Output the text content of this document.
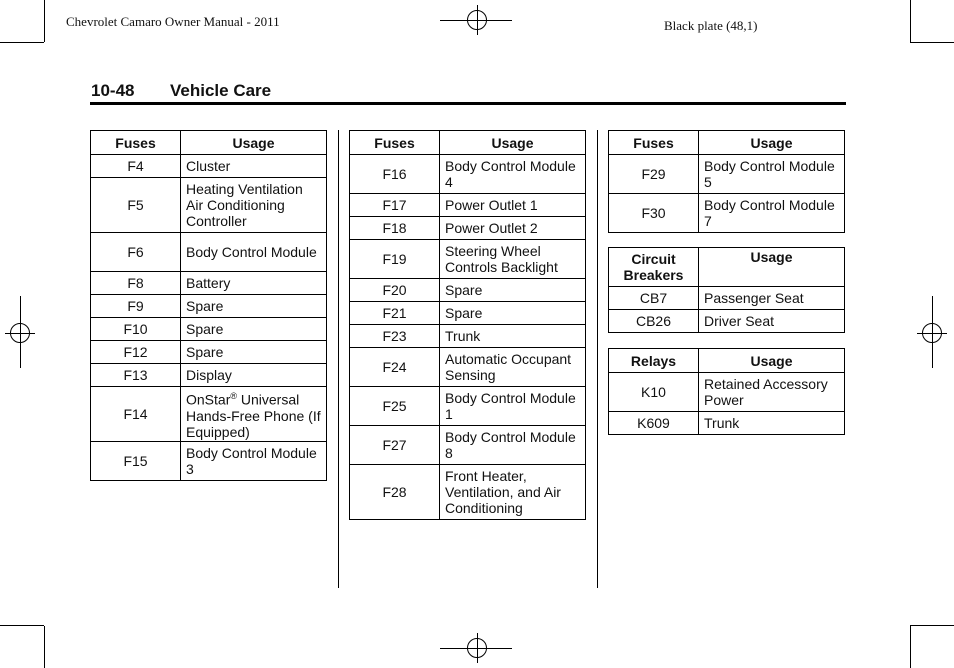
Chevrolet Camaro Owner Manual - 2011	Black plate (48,1)
10-48 Vehicle Care
Fuses	Usage
F4	Cluster
F5	Heating Ventilation Air Conditioning Controller
F6	Body Control Module
F8	Battery
F9	Spare
F10	Spare
F12	Spare
F13	Display
F14	OnStar® Universal Hands-Free Phone (If Equipped)
F15	Body Control Module 3
Fuses	Usage
F16	Body Control Module 4
F17	Power Outlet 1
F18	Power Outlet 2
F19	Steering Wheel Controls Backlight
F20	Spare
F21	Spare
F23	Trunk
F24	Automatic Occupant Sensing
F25	Body Control Module 1
F27	Body Control Module 8
F28	Front Heater, Ventilation, and Air Conditioning
Fuses	Usage
F29	Body Control Module 5
F30	Body Control Module 7
Circuit Breakers	Usage
CB7	Passenger Seat
CB26	Driver Seat
Relays	Usage
K10	Retained Accessory Power
K609	Trunk
